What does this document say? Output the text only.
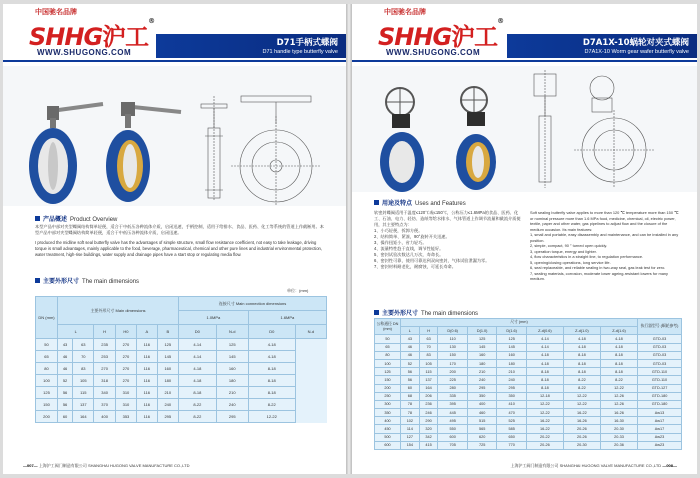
中国驰名品牌
SHHG沪工®
WWW.SHUGONG.COM
D71手柄式蝶阀
D71 handle type butterfly valve
产品概述 Product Overview
本型产品中部对夹型蝶阀结构简单轻便，适合于中低压各种流体介质，启闭迅速，手柄控制，适用于给排水、食品、医药、化工等系统的管道上作截断用。本型产品中部对夹型蝶阀结构简单轻便，适合于中低压各种流体介质，启闭迅速。
I produced the midline soft seal butterfly valve has the advantages of simple structure, small flow resistance coefficient, not easy to take leakage, driving torque is small advantages, mainly applicable to the food, beverage, pharmaceutical, chemical and other pure lines and industrial environmental protection, water treatment, high-rise buildings, water supply and drainage pipes have a start stop or regulating media flow.
主要外形尺寸 The main dimensions
单位：(mm)
DN (mm)	主要外形尺寸 Main dimensions						连接尺寸 Main connection dimensions			
							1.0MPa		1.6MPa	
	L		H	H0	A	B	D0	N-d	D0	N-d
50	43	63	235	270	116	125	4-14	125	4-18	
65	46	70	253	270	116	145	4-14	145	4-18	
80	46	83	270	270	116	160	4-18	160	8-18	
100	52	105	318	270	116	180	4-18	180	8-18	
125	56	115	340	310	116	210	8-18	210	8-18	
150	56	137	370	310	116	240	8-22	240	8-22	
200	60	164	400	353	116	295	8-22	295	12-22	
—007— 上海沪工阀门制造有限公司 SHANGHAI HUGONG VALVE MANUFACTURE CO.,LTD
中国驰名品牌
SHHG沪工®
WWW.SHUGONG.COM
D7A1X-10蜗轮对夹式蝶阀
D7A1X-10 Worm gear wafer butterfly valve
用途及特点 Uses and Features
软密封蝶阀适用于温度≤120℃或≤150℃，公称压力≤1.6MPa的食品、医药、化工、石油、电力、轻纺、造纸等给水排水、气体管道上作调节流量和截流介质使用，其主要特点为：
1、小巧轻便，拆卸方便。
2、结构简单、紧凑，90°旋转开关迅速。
3、操作扭矩小，省力轻巧。
4、流量特性趋于直线，调节性能好。
5、密封试验次数达几万次，寿命长。
6、密封性可靠，使用可靠达到双向密封，气体试验泄漏为零。
7、密封材料耐老化，耐腐蚀，可延长寿命。
Soft sealing butterfly valve applies to more than 120 ℃ temperature more than 150 ℃ or nominal pressure more than 1.6 MPa food, medicine, chemical, oil, electric power, textile, paper and other water, gas pipelines to adjust flow and the closure of the medium occasion. Its main features:
1, small and portable, easy disassembly and maintenance, and can be installed in any position.
2, simple, compact, 90 ° turned open quickly.
3, operation torque, energy and lighter.
4, flow characteristics in a straight line, to regulation performance.
5, opening/closing operations, long service life.
6, seal replaceable, and reliable sealing in two-way seal, gas leak test for zero.
7, sealing materials, corrosion, moderate lower ageing-resistant lowers for many medium.
主要外形尺寸 The main dimensions
公称通径 DN (mm)	尺寸 (mm)								执行器型号 (蜗轮参考)
	L	H	D(0.6)	D(1.0)	D(1.6)	Z-d(0.6)	Z-d(1.0)	Z-d(1.6)	
50	43	63	110	125	125	4-14	4-18	4-18	GTD-03
65	46	70	130	145	145	4-14	4-18	4-18	GTD-03
80	46	83	150	160	160	4-18	8-18	8-18	GTD-03
100	52	105	170	180	180	4-18	8-18	8-18	GTD-03
125	56	115	200	210	210	8-18	8-18	8-18	GTD-110
150	56	137	225	240	240	8-18	8-22	8-22	GTD-110
200	60	164	280	295	295	8-18	8-22	12-22	GTD-127
250	68	206	335	350	350	12-18	12-22	12-26	GTD-180
300	78	236	395	400	410	12-22	12-22	12-26	GTD-180
350	78	246	445	460	470	12-22	16-22	16-26	Aw13
400	102	290	495	515	525	16-22	16-26	16-30	Aw17
450	114	320	550	565	585	16-22	20-26	20-30	Aw17
500	127	342	600	620	650	20-22	20-26	20-33	Aw23
600	154	415	705	725	770	20-26	20-30	20-36	Aw23
上海沪工阀门制造有限公司 SHANGHAI HUGONG VALVE MANUFACTURE CO.,LTD —008—
